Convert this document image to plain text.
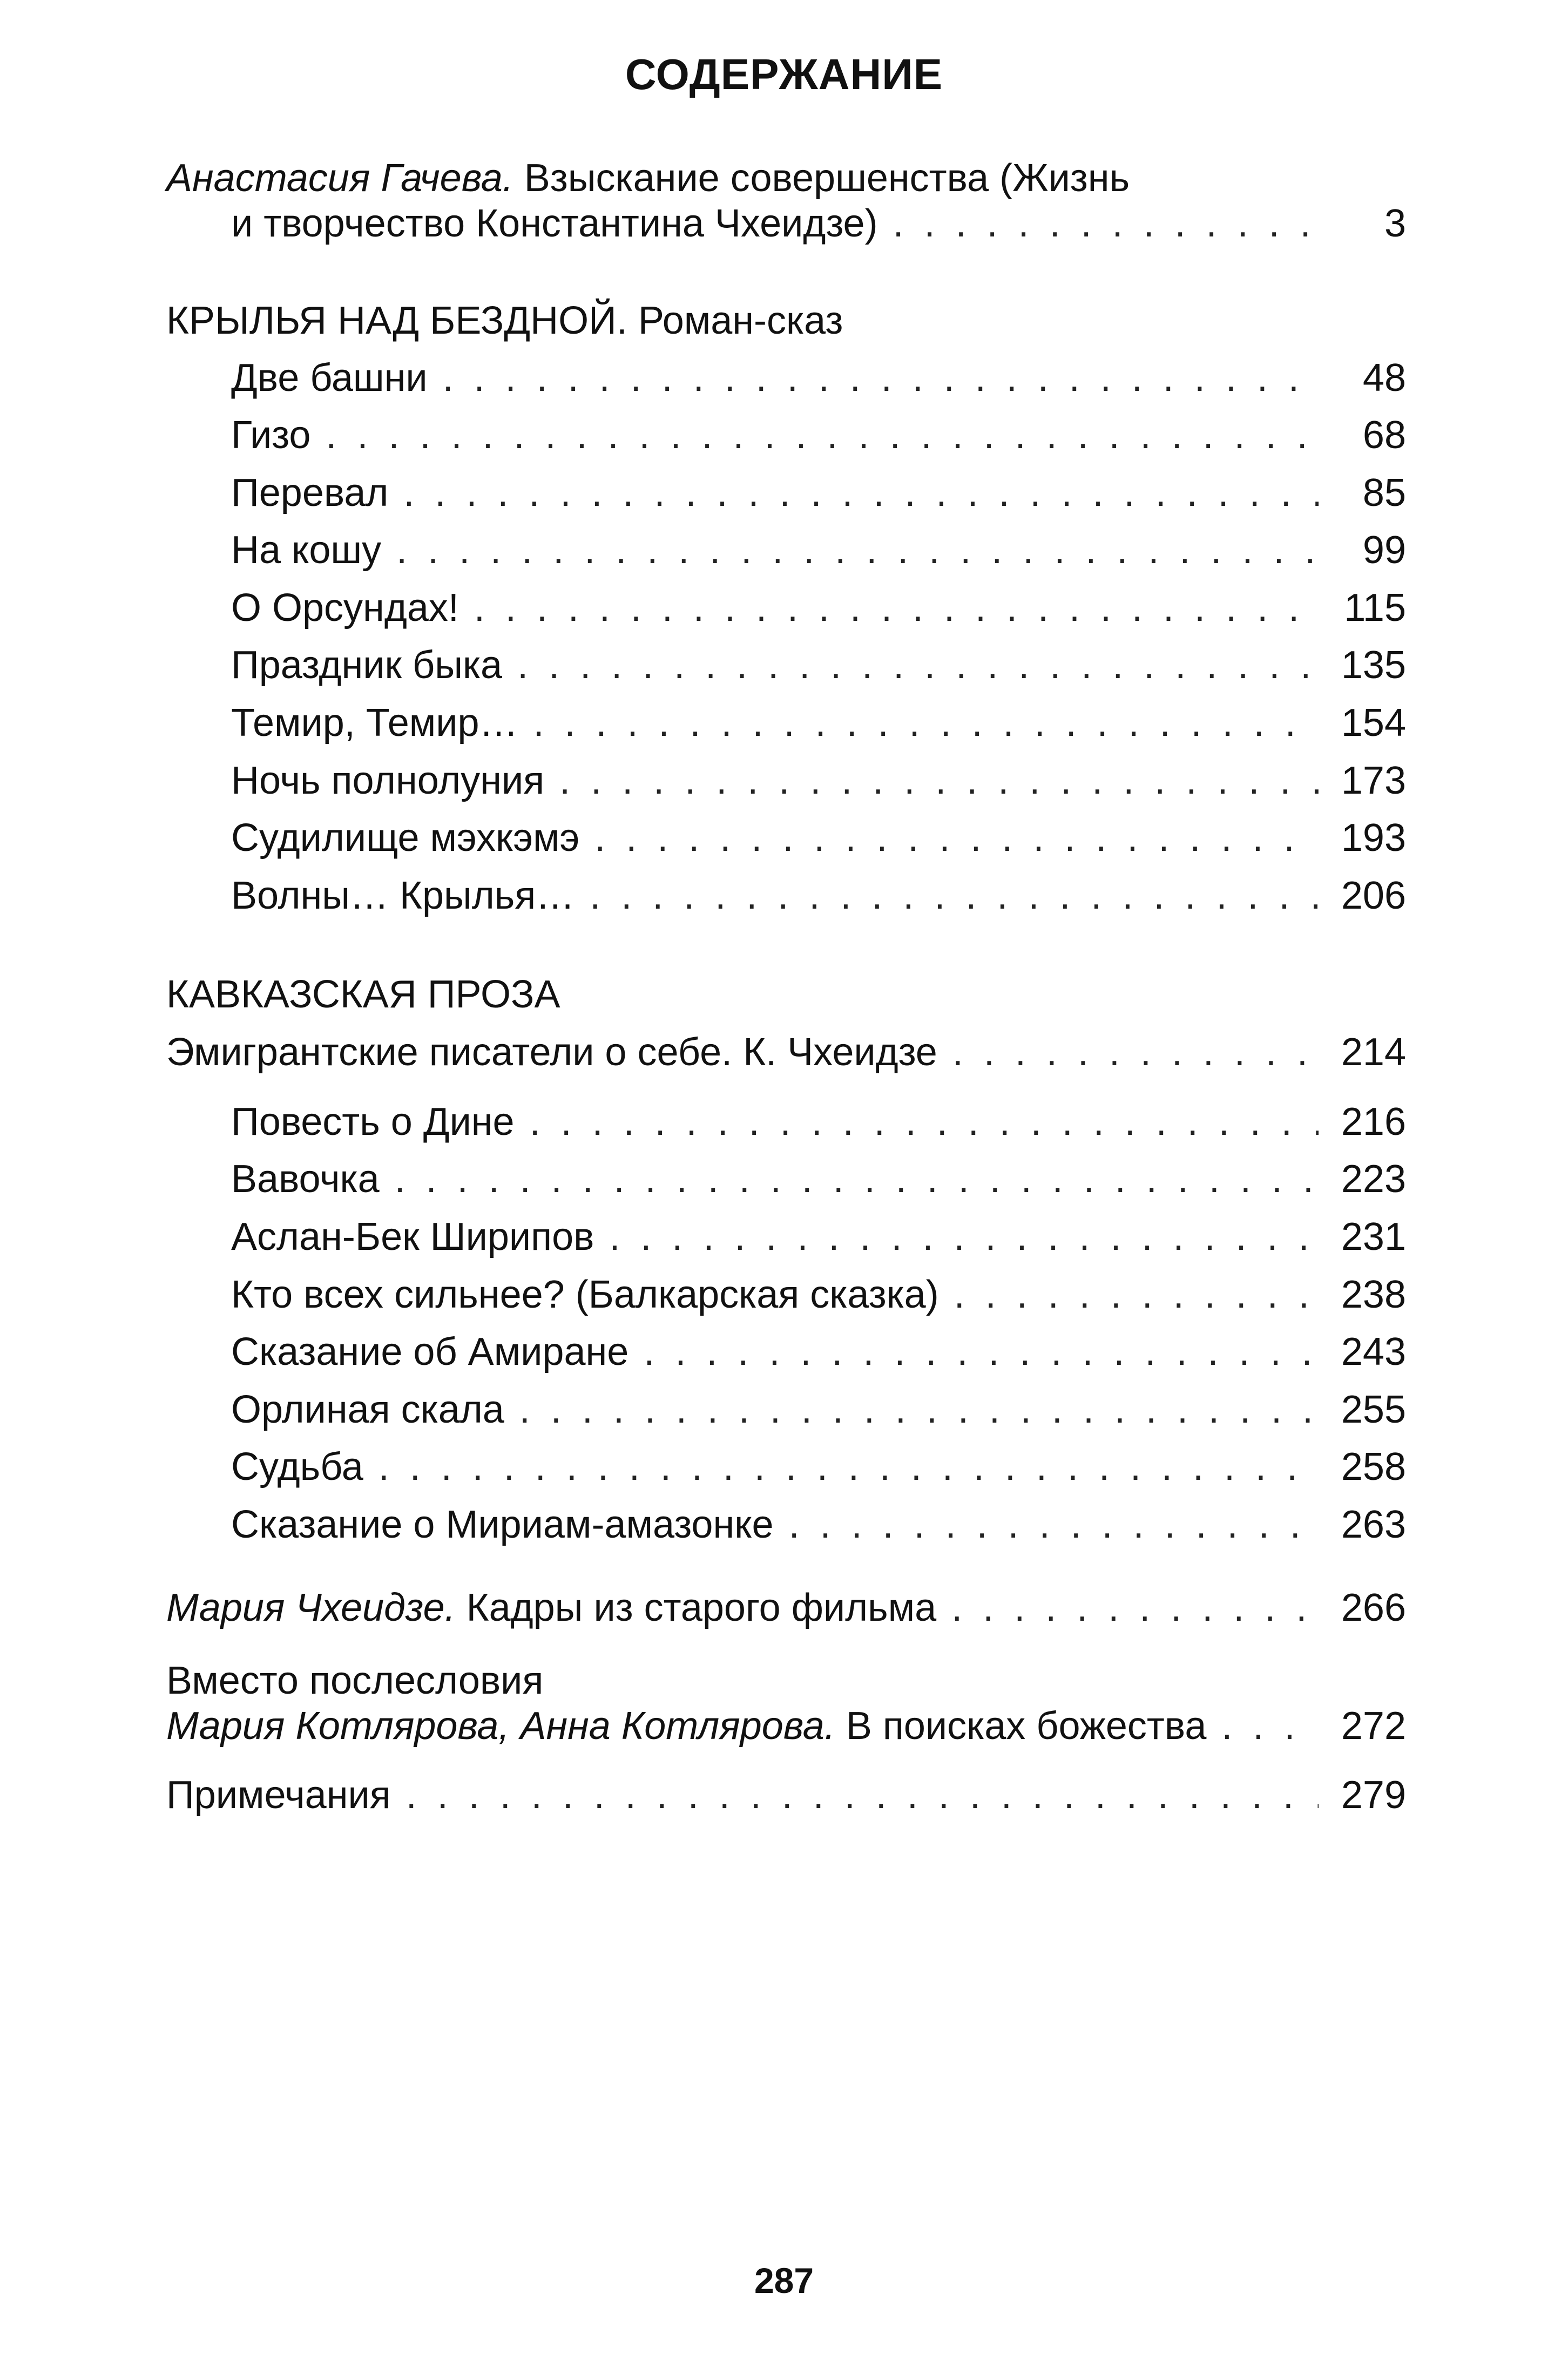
СОДЕРЖАНИЕ
Анастасия Гачева. Взыскание совершенства (Жизнь
и творчество Константина Чхеидзе) . . .	3
КРЫЛЬЯ НАД БЕЗДНОЙ. Роман-сказ
Две башни . . .	48
Гизо . . .	68
Перевал . . .	85
На кошу . . .	99
О Орсундах! . . .	115
Праздник быка . . .	135
Темир, Темир… . . .	154
Ночь полнолуния . . .	173
Судилище мэхкэмэ . . .	193
Волны… Крылья… . . .	206
КАВКАЗСКАЯ ПРОЗА
Эмигрантские писатели о себе. К. Чхеидзе . . .	214
Повесть о Дине . . .	216
Вавочка . . .	223
Аслан-Бек Ширипов . . .	231
Кто всех сильнее? (Балкарская сказка) . . .	238
Сказание об Амиране . . .	243
Орлиная скала . . .	255
Судьба . . .	258
Сказание о Мириам-амазонке . . .	263
Мария Чхеидзе. Кадры из старого фильма . . .	266
Вместо послесловия
Мария Котлярова, Анна Котлярова. В поисках божества . . .	272
Примечания . . .	279
287
